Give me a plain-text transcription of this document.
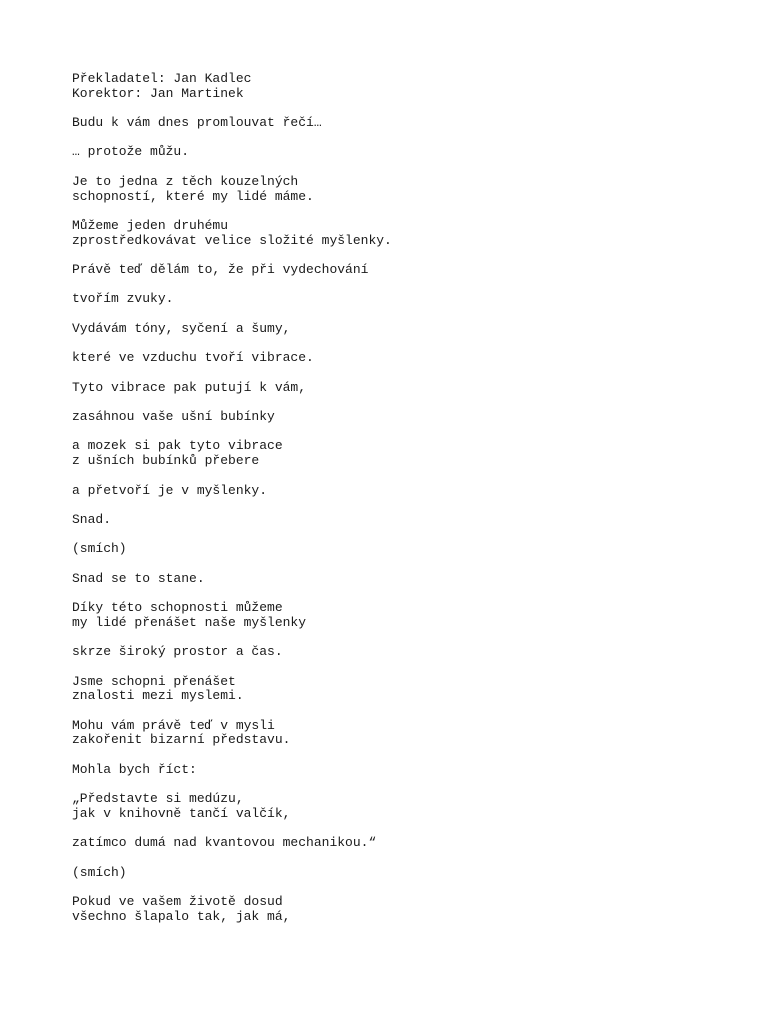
Překladatel: Jan Kadlec
Korektor: Jan Martinek
Budu k vám dnes promlouvat řečí…
… protože můžu.
Je to jedna z těch kouzelných
schopností, které my lidé máme.
Můžeme jeden druhému
zprostředkovávat velice složité myšlenky.
Právě teď dělám to, že při vydechování
tvořím zvuky.
Vydávám tóny, syčení a šumy,
které ve vzduchu tvoří vibrace.
Tyto vibrace pak putují k vám,
zasáhnou vaše ušní bubínky
a mozek si pak tyto vibrace
z ušních bubínků přebere
a přetvoří je v myšlenky.
Snad.
(smích)
Snad se to stane.
Díky této schopnosti můžeme
my lidé přenášet naše myšlenky
skrze široký prostor a čas.
Jsme schopni přenášet
znalosti mezi myslemi.
Mohu vám právě teď v mysli
zakořenit bizarní představu.
Mohla bych říct:
„Představte si medúzu,
jak v knihovně tančí valčík,
zatímco dumá nad kvantovou mechanikou.“
(smích)
Pokud ve vašem životě dosud
všechno šlapalo tak, jak má,
